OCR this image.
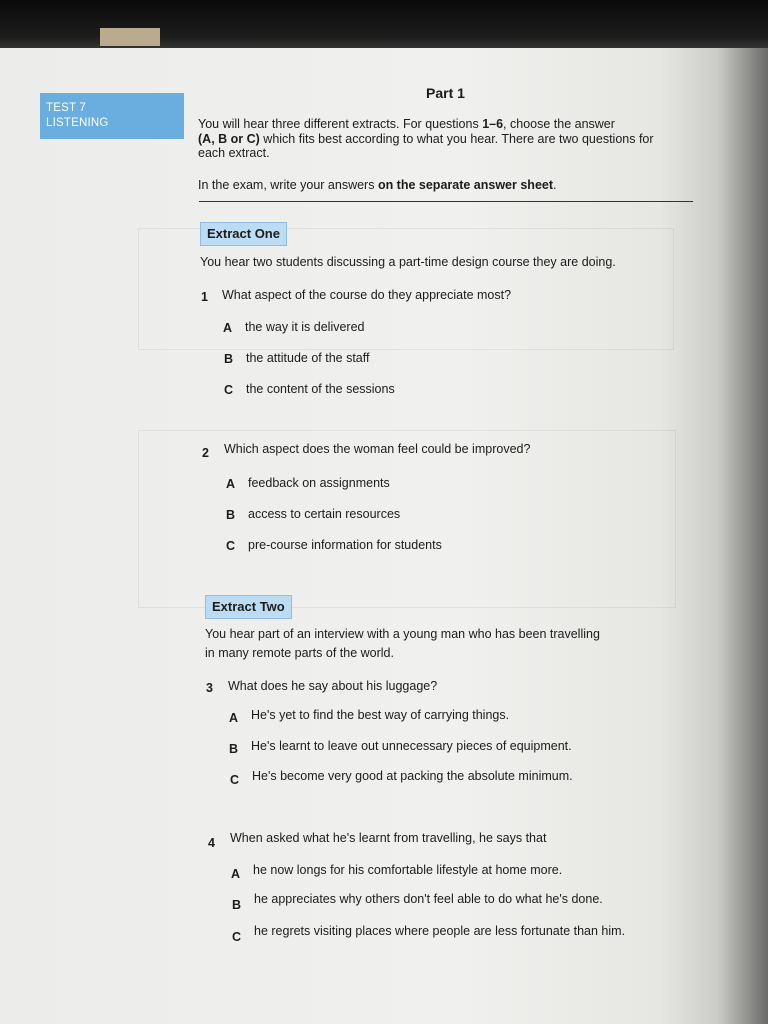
TEST 7
LISTENING
Part 1
You will hear three different extracts. For questions 1–6, choose the answer
(A, B or C) which fits best according to what you hear. There are two questions for each extract.
In the exam, write your answers on the separate answer sheet.
Extract One
You hear two students discussing a part-time design course they are doing.
1 What aspect of the course do they appreciate most?
A the way it is delivered
B the attitude of the staff
C the content of the sessions
2 Which aspect does the woman feel could be improved?
A feedback on assignments
B access to certain resources
C pre-course information for students
Extract Two
You hear part of an interview with a young man who has been travelling
in many remote parts of the world.
3 What does he say about his luggage?
A He's yet to find the best way of carrying things.
B He's learnt to leave out unnecessary pieces of equipment.
C He's become very good at packing the absolute minimum.
4 When asked what he's learnt from travelling, he says that
A he now longs for his comfortable lifestyle at home more.
B he appreciates why others don't feel able to do what he's done.
C he regrets visiting places where people are less fortunate than him.
